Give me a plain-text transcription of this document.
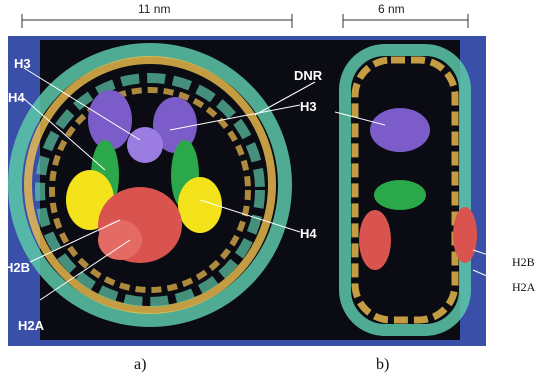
11 nm	6 nm
H3
H4
DNR
H3
H4
H2B
H2A
H2B
H2A
a)	b)
